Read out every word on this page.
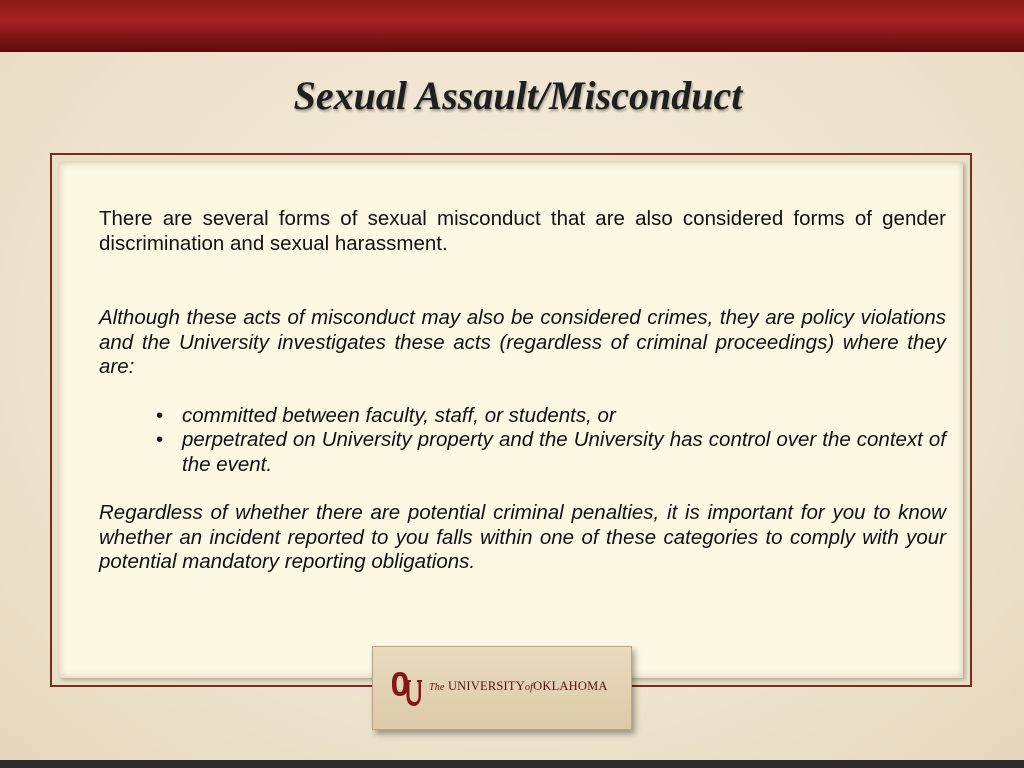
Sexual Assault/Misconduct

There are several forms of sexual misconduct that are also considered forms of gender discrimination and sexual harassment.

Although these acts of misconduct may also be considered crimes, they are policy violations and the University investigates these acts (regardless of criminal proceedings) where they are:

• committed between faculty, staff, or students, or
• perpetrated on University property and the University has control over the context of the event.

Regardless of whether there are potential criminal penalties, it is important for you to know whether an incident reported to you falls within one of these categories to comply with your potential mandatory reporting obligations.

The UNIVERSITYofOKLAHOMA
